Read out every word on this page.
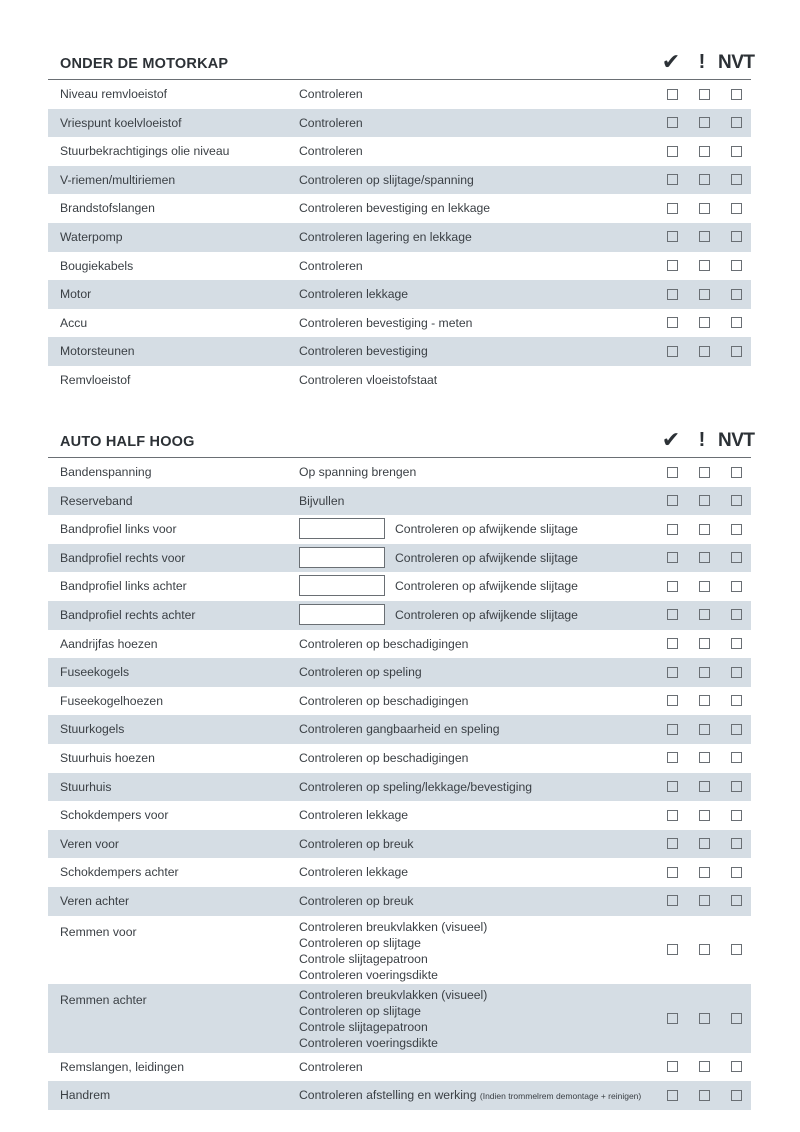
ONDER DE MOTORKAP	✔ ! NVT
Niveau remvloeistof	Controleren
Vriespunt koelvloeistof	Controleren
Stuurbekrachtigings olie niveau	Controleren
V-riemen/multiriemen	Controleren op slijtage/spanning
Brandstofslangen	Controleren bevestiging en lekkage
Waterpomp	Controleren lagering en lekkage
Bougiekabels	Controleren
Motor	Controleren lekkage
Accu	Controleren bevestiging - meten
Motorsteunen	Controleren bevestiging
Remvloeistof	Controleren vloeistofstaat
AUTO HALF HOOG	✔ ! NVT
Bandenspanning	Op spanning brengen
Reserveband	Bijvullen
Bandprofiel links voor	Controleren op afwijkende slijtage
Bandprofiel rechts voor	Controleren op afwijkende slijtage
Bandprofiel links achter	Controleren op afwijkende slijtage
Bandprofiel rechts achter	Controleren op afwijkende slijtage
Aandrijfas hoezen	Controleren op beschadigingen
Fuseekogels	Controleren op speling
Fuseekogelhoezen	Controleren op beschadigingen
Stuurkogels	Controleren gangbaarheid en speling
Stuurhuis hoezen	Controleren op beschadigingen
Stuurhuis	Controleren op speling/lekkage/bevestiging
Schokdempers voor	Controleren lekkage
Veren voor	Controleren op breuk
Schokdempers achter	Controleren lekkage
Veren achter	Controleren op breuk
Remmen voor	Controleren breukvlakken (visueel)
Controleren op slijtage
Controle slijtagepatroon
Controleren voeringsdikte
Remmen achter	Controleren breukvlakken (visueel)
Controleren op slijtage
Controle slijtagepatroon
Controleren voeringsdikte
Remslangen, leidingen	Controleren
Handrem	Controleren afstelling en werking (Indien trommelrem demontage + reinigen)
